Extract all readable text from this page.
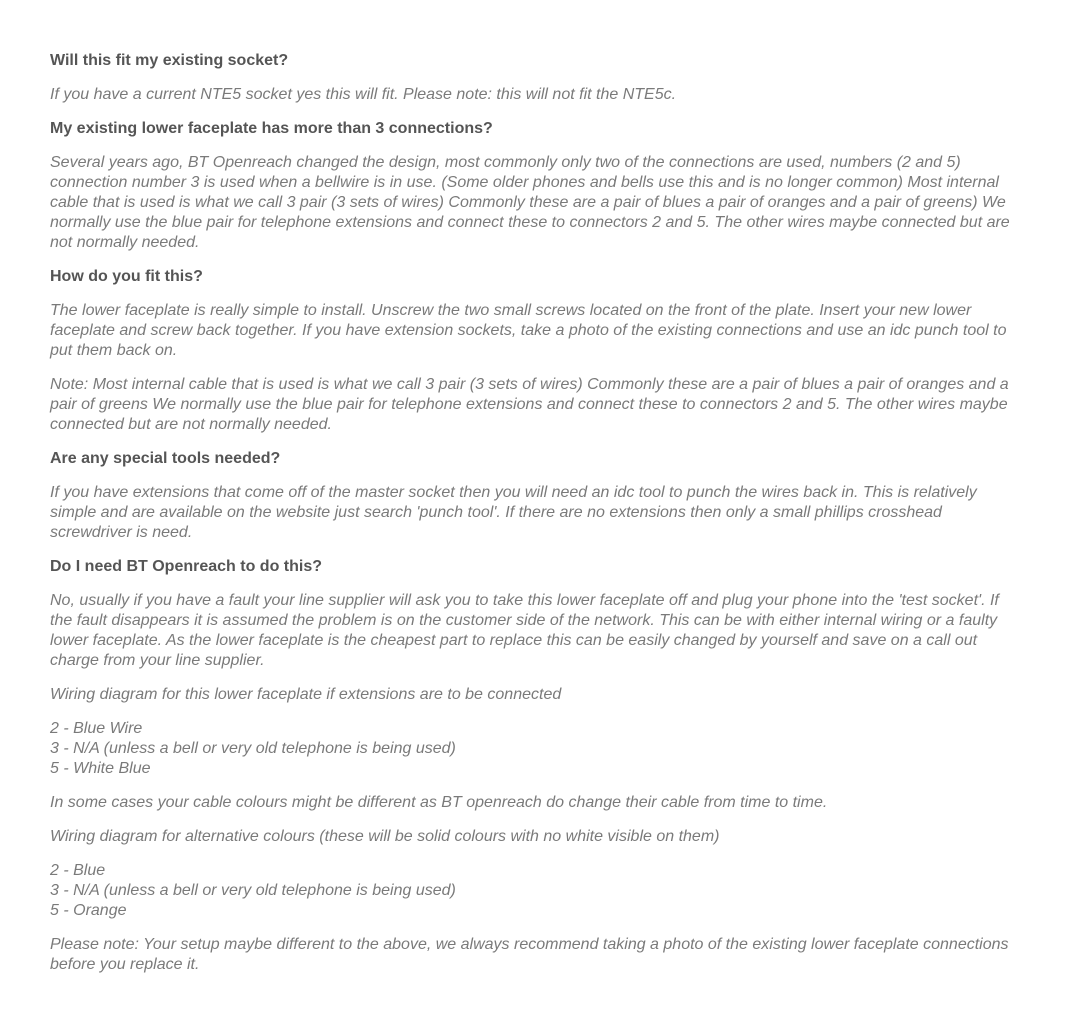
Will this fit my existing socket?
If you have a current NTE5 socket yes this will fit. Please note: this will not fit the NTE5c.
My existing lower faceplate has more than 3 connections?
Several years ago, BT Openreach changed the design, most commonly only two of the connections are used, numbers (2 and 5) connection number 3 is used when a bellwire is in use. (Some older phones and bells use this and is no longer common) Most internal cable that is used is what we call 3 pair (3 sets of wires) Commonly these are a pair of blues a pair of oranges and a pair of greens) We normally use the blue pair for telephone extensions and connect these to connectors 2 and 5. The other wires maybe connected but are not normally needed.
How do you fit this?
The lower faceplate is really simple to install. Unscrew the two small screws located on the front of the plate. Insert your new lower faceplate and screw back together. If you have extension sockets, take a photo of the existing connections and use an idc punch tool to put them back on.
Note: Most internal cable that is used is what we call 3 pair (3 sets of wires) Commonly these are a pair of blues a pair of oranges and a pair of greens We normally use the blue pair for telephone extensions and connect these to connectors 2 and 5. The other wires maybe connected but are not normally needed.
Are any special tools needed?
If you have extensions that come off of the master socket then you will need an idc tool to punch the wires back in. This is relatively simple and are available on the website just search 'punch tool'. If there are no extensions then only a small phillips crosshead screwdriver is need.
Do I need BT Openreach to do this?
No, usually if you have a fault your line supplier will ask you to take this lower faceplate off and plug your phone into the 'test socket'. If the fault disappears it is assumed the problem is on the customer side of the network. This can be with either internal wiring or a faulty lower faceplate. As the lower faceplate is the cheapest part to replace this can be easily changed by yourself and save on a call out charge from your line supplier.
Wiring diagram for this lower faceplate if extensions are to be connected
2 - Blue Wire
3 - N/A (unless a bell or very old telephone is being used)
5 - White Blue
In some cases your cable colours might be different as BT openreach do change their cable from time to time.
Wiring diagram for alternative colours (these will be solid colours with no white visible on them)
2 - Blue
3 - N/A (unless a bell or very old telephone is being used)
5 - Orange
Please note: Your setup maybe different to the above, we always recommend taking a photo of the existing lower faceplate connections before you replace it.
